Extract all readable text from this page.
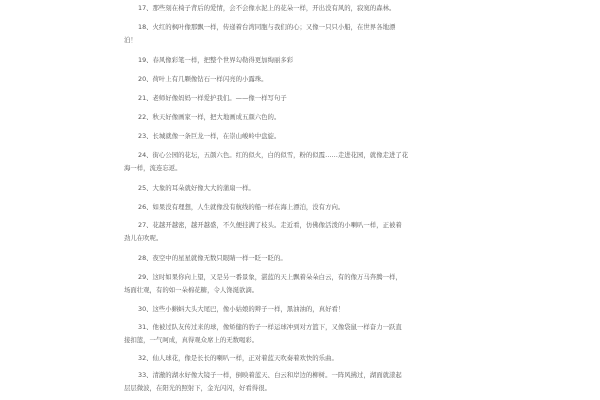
17、那些刻在椅子背后的爱情，会不会像水泥上的花朵一样，开出没有风的，寂寞的森林。
18、火红的枫叶像那飘一样，传递着台湾同胞与我们的心；又像一只只小船，在世界各地漂
泊！
19、春风像彩笔一样，把整个世界勾勒得更加绚丽多彩
20、荷叶上有几颗像钻石一样闪亮的小露珠。
21、老师好像妈妈一样爱护我们。——像一样写句子
22、秋天好像画家一样，把大地画成五颜六色的。
23、长城就像一条巨龙一样，在崇山峻岭中盘旋。
24、街心公园的花坛，五颜六色。红的似火，白的似雪，粉的似霞……走进花园，就像走进了花
海一样，流连忘返。
25、大象的耳朵就好像大大的蒲扇一样。
26、如果没有理想，人生就像没有航线的船一样在海上漂泊，没有方向。
27、花越开越密，越开越盛，不久便挂满了枝头。走近看，仿佛像活泼的小喇叭一样，正被着
劲儿在吹呢。
28、夜空中的星星就像无数只眼睛一样一眨一眨的。
29、这时如果你向上望，又是另一番景象，湛蓝的天上飘着朵朵白云，有的像万马奔腾一样，
场面壮观，有的如一朵棉花糖，令人馋涎欲滴。
30、这些小蝌蚪大头大尾巴，像小姑娘的辫子一样，黑油油的，真好看！
31、他被过队友传过来的球，像矫健的豹子一样运球冲到对方篮下，又像袋鼠一样奋力一跃直
接扣篮，一气呵成，真得观众席上的无数喝彩。
32、仙人球花，像是长长的喇叭一样，正对着蓝天吹奏着欢快的乐曲。
33、清澈的湖水好像大镜子一样，倒映着蓝天、白云和岸边的柳树。一阵风拂过，湖面就漾起
层层微波，在阳光的照射下，金光闪闪，好看得很。
